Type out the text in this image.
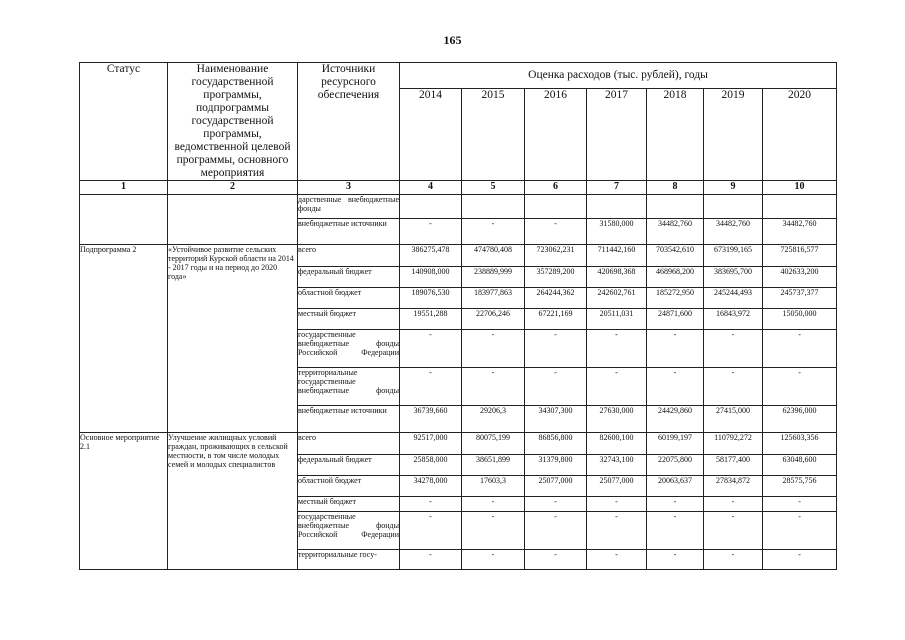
165
Статус	Наименование государственной программы, подпрограммы государственной программы, ведомственной целевой программы, основного мероприятия	Источники ресурсного обеспечения	Оценка расходов (тыс. рублей), годы						
			2014	2015	2016	2017	2018	2019	2020
1	2	3	4	5	6	7	8	9	10
		дарственные внебюджетные фонды							
		внебюджетные источники	-	-	-	31580,000	34482,760	34482,760	34482,760
Подпрограмма 2	«Устойчивое развитие сельских территорий Курской области на 2014 - 2017 годы и на период до 2020 года»	всего	386275,478	474780,408	723062,231	711442,160	703542,610	673199,165	725816,577
		федеральный бюджет	140908,000	238889,999	357289,200	420698,368	468968,200	383695,700	402633,200
		областной бюджет	189076,530	183977,863	264244,362	242602,761	185272,950	245244,493	245737,377
		местный бюджет	19551,288	22706,246	67221,169	20511,031	24871,600	16843,972	15050,000
		государственные внебюджетные фонды Российской Федерации	-	-	-	-	-	-	-
		территориальные государственные внебюджетные фонды	-	-	-	-	-	-	-
		внебюджетные источники	36739,660	29206,3	34307,300	27630,000	24429,860	27415,000	62396,000
Основное мероприятие 2.1	Улучшение жилищных условий граждан, проживающих в сельской местности, в том числе молодых семей и молодых специалистов	всего	92517,000	80075,199	86856,800	82600,100	60199,197	110792,272	125603,356
		федеральный бюджет	25858,000	38651,899	31379,800	32743,100	22075,800	58177,400	63048,600
		областной бюджет	34278,000	17603,3	25077,000	25077,000	20063,637	27834,872	28575,756
		местный бюджет	-	-	-	-	-	-	-
		государственные внебюджетные фонды Российской Федерации	-	-	-	-	-	-	-
		территориальные госу-	-	-	-	-	-	-	-
